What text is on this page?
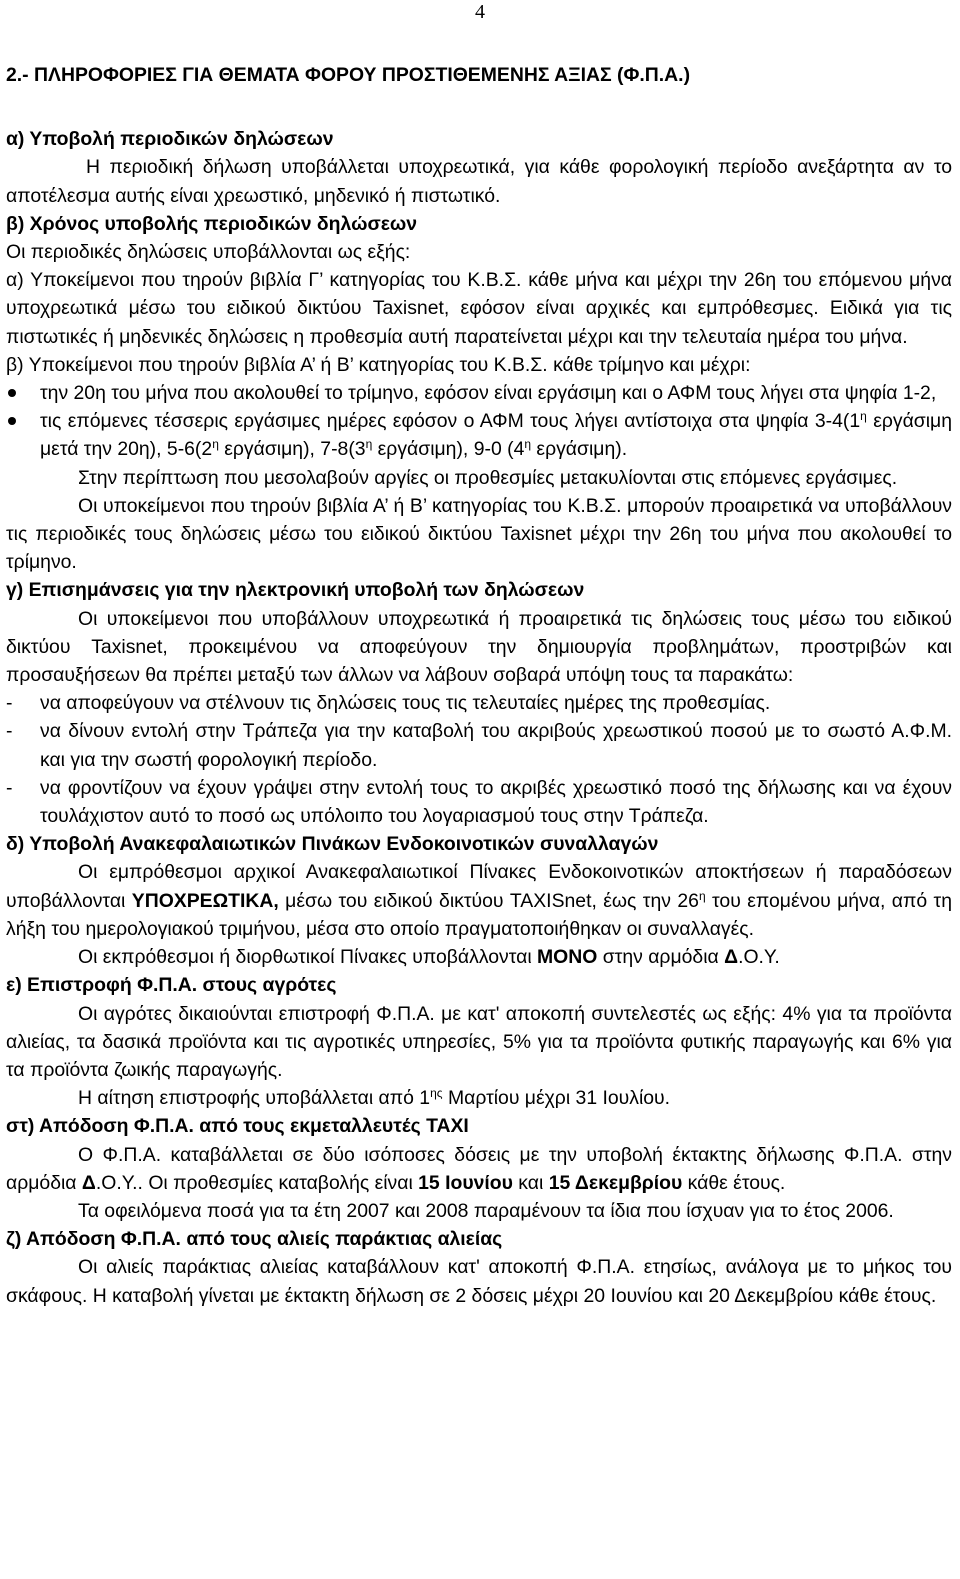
4

2.- ΠΛΗΡΟΦΟΡΙΕΣ ΓΙΑ ΘΕΜΑΤΑ ΦΟΡΟΥ ΠΡΟΣΤΙΘΕΜΕΝΗΣ ΑΞΙΑΣ (Φ.Π.Α.)

α) Υποβολή περιοδικών δηλώσεων

Η περιοδική δήλωση υποβάλλεται υποχρεωτικά, για κάθε φορολογική περίοδο ανεξάρτητα αν το αποτέλεσμα αυτής είναι χρεωστικό, μηδενικό ή πιστωτικό.

β) Χρόνος υποβολής περιοδικών δηλώσεων

Οι περιοδικές δηλώσεις υποβάλλονται ως εξής:

α) Υποκείμενοι που τηρούν βιβλία Γ’ κατηγορίας του Κ.Β.Σ. κάθε μήνα και μέχρι την 26η του επόμενου μήνα υποχρεωτικά μέσω του ειδικού δικτύου Taxisnet, εφόσον είναι αρχικές και εμπρόθεσμες. Ειδικά για τις πιστωτικές ή μηδενικές δηλώσεις η προθεσμία αυτή παρατείνεται μέχρι και την τελευταία ημέρα του μήνα.

β) Υποκείμενοι που τηρούν βιβλία Α’ ή Β’ κατηγορίας του Κ.Β.Σ. κάθε τρίμηνο και μέχρι:

την 20η του μήνα που ακολουθεί το τρίμηνο, εφόσον είναι εργάσιμη και ο ΑΦΜ τους λήγει στα ψηφία 1-2,

τις επόμενες τέσσερις εργάσιμες ημέρες εφόσον ο ΑΦΜ τους λήγει αντίστοιχα στα ψηφία $3-4(1^\eta$ εργάσιμη μετά την 20η), $5-6(2^\eta$ εργάσιμη), $7-8(3^\eta$ εργάσιμη), 9-0 ($4^\eta$ εργάσιμη).

Στην περίπτωση που μεσολαβούν αργίες οι προθεσμίες μετακυλίονται στις επόμενες εργάσιμες.

Οι υποκείμενοι που τηρούν βιβλία Α’ ή Β’ κατηγορίας του Κ.Β.Σ. μπορούν προαιρετικά να υποβάλλουν τις περιοδικές τους δηλώσεις μέσω του ειδικού δικτύου Taxisnet μέχρι την 26η του μήνα που ακολουθεί το τρίμηνο.

γ) Επισημάνσεις για την ηλεκτρονική υποβολή των δηλώσεων

Οι υποκείμενοι που υποβάλλουν υποχρεωτικά ή προαιρετικά τις δηλώσεις τους μέσω του ειδικού δικτύου Taxisnet, προκειμένου να αποφεύγουν την δημιουργία προβλημάτων, προστριβών και προσαυξήσεων θα πρέπει μεταξύ των άλλων να λάβουν σοβαρά υπόψη τους τα παρακάτω:

- να αποφεύγουν να στέλνουν τις δηλώσεις τους τις τελευταίες ημέρες της προθεσμίας.

- να δίνουν εντολή στην Τράπεζα για την καταβολή του ακριβούς χρεωστικού ποσού με το σωστό Α.Φ.Μ. και για την σωστή φορολογική περίοδο.

- να φροντίζουν να έχουν γράψει στην εντολή τους το ακριβές χρεωστικό ποσό της δήλωσης και να έχουν τουλάχιστον αυτό το ποσό ως υπόλοιπο του λογαριασμού τους στην Τράπεζα.

δ) Υποβολή Ανακεφαλαιωτικών Πινάκων Ενδοκοινοτικών συναλλαγών

Οι εμπρόθεσμοι αρχικοί Ανακεφαλαιωτικοί Πίνακες Ενδοκοινοτικών αποκτήσεων ή παραδόσεων υποβάλλονται ΥΠΟΧΡΕΩΤΙΚΑ, μέσω του ειδικού δικτύου TAXISnet, έως την $26^\eta$ του επομένου μήνα, από τη λήξη του ημερολογιακού τριμήνου, μέσα στο οποίο πραγματοποιήθηκαν οι συναλλαγές.

Οι εκπρόθεσμοι ή διορθωτικοί Πίνακες υποβάλλονται ΜΟΝΟ στην αρμόδια Δ.Ο.Υ.

ε) Επιστροφή Φ.Π.Α. στους αγρότες

Οι αγρότες δικαιούνται επιστροφή Φ.Π.Α. με κατ' αποκοπή συντελεστές ως εξής: 4% για τα προϊόντα αλιείας, τα δασικά προϊόντα και τις αγροτικές υπηρεσίες, 5% για τα προϊόντα φυτικής παραγωγής και 6% για τα προϊόντα ζωικής παραγωγής.

Η αίτηση επιστροφής υποβάλλεται από $1^{\eta\varsigma}$ Μαρτίου μέχρι 31 Ιουλίου.

στ) Απόδοση Φ.Π.Α. από τους εκμεταλλευτές TAXI

Ο Φ.Π.Α. καταβάλλεται σε δύο ισόποσες δόσεις με την υποβολή έκτακτης δήλωσης Φ.Π.Α. στην αρμόδια Δ.Ο.Υ.. Οι προθεσμίες καταβολής είναι 15 Ιουνίου και 15 Δεκεμβρίου κάθε έτους.

Τα οφειλόμενα ποσά για τα έτη 2007 και 2008 παραμένουν τα ίδια που ίσχυαν για το έτος 2006.

ζ) Απόδοση Φ.Π.Α. από τους αλιείς παράκτιας αλιείας

Οι αλιείς παράκτιας αλιείας καταβάλλουν κατ' αποκοπή Φ.Π.Α. ετησίως, ανάλογα με το μήκος του σκάφους. Η καταβολή γίνεται με έκτακτη δήλωση σε 2 δόσεις μέχρι 20 Ιουνίου και 20 Δεκεμβρίου κάθε έτους.
